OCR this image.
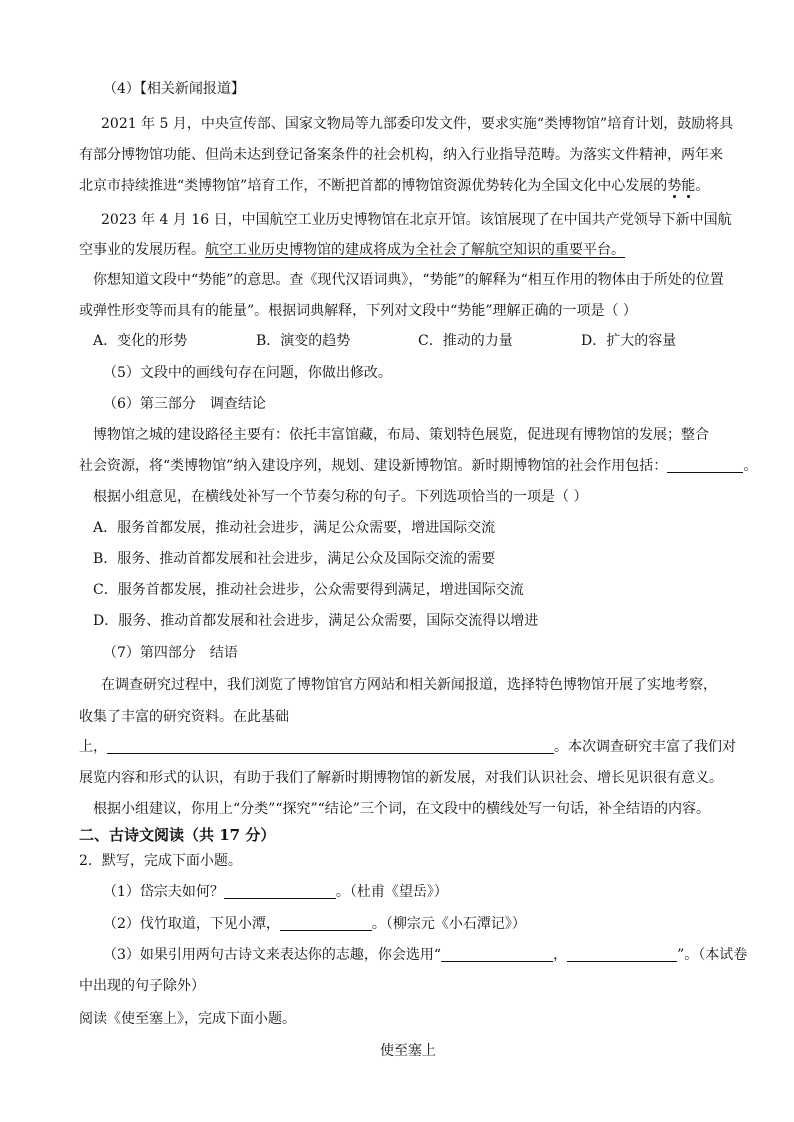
（4）【相关新闻报道】
2021 年 5 月，中央宣传部、国家文物局等九部委印发文件，要求实施“类博物馆”培育计划，鼓励将具
有部分博物馆功能、但尚未达到登记备案条件的社会机构，纳入行业指导范畴。为落实文件精神，两年来
北京市持续推进“类博物馆”培育工作，不断把首都的博物馆资源优势转化为全国文化中心发展的势能。
2023 年 4 月 16 日，中国航空工业历史博物馆在北京开馆。该馆展现了在中国共产党领导下新中国航
空事业的发展历程。航空工业历史博物馆的建成将成为全社会了解航空知识的重要平台。
你想知道文段中“势能”的意思。查《现代汉语词典》，“势能”的解释为“相互作用的物体由于所处的位置
或弹性形变等而具有的能量”。根据词典解释，下列对文段中“势能”理解正确的一项是（ ）
A．变化的形势	B．演变的趋势	C．推动的力量	D．扩大的容量
（5）文段中的画线句存在问题，你做出修改。
（6）第三部分　调查结论
博物馆之城的建设路径主要有：依托丰富馆藏，布局、策划特色展览，促进现有博物馆的发展；整合
社会资源，将“类博物馆”纳入建设序列，规划、建设新博物馆。新时期博物馆的社会作用包括：	。
根据小组意见，在横线处补写一个节奏匀称的句子。下列选项恰当的一项是（ ）
A．服务首都发展，推动社会进步，满足公众需要，增进国际交流
B．服务、推动首都发展和社会进步，满足公众及国际交流的需要
C．服务首都发展，推动社会进步，公众需要得到满足，增进国际交流
D．服务、推动首都发展和社会进步，满足公众需要，国际交流得以增进
（7）第四部分　结语
在调查研究过程中，我们浏览了博物馆官方网站和相关新闻报道，选择特色博物馆开展了实地考察，
收集了丰富的研究资料。在此基础
上，	。本次调查研究丰富了我们对
展览内容和形式的认识，有助于我们了解新时期博物馆的新发展，对我们认识社会、增长见识很有意义。
根据小组建议，你用上“分类”“探究”“结论”三个词，在文段中的横线处写一句话，补全结语的内容。
二、古诗文阅读（共 17 分）
2．默写，完成下面小题。
（1）岱宗夫如何？	。（杜甫《望岳》）
（2）伐竹取道，下见小潭，	。（柳宗元《小石潭记》）
（3）如果引用两句古诗文来表达你的志趣，你会选用“	，	”。（本试卷
中出现的句子除外）
阅读《使至塞上》，完成下面小题。
使至塞上
